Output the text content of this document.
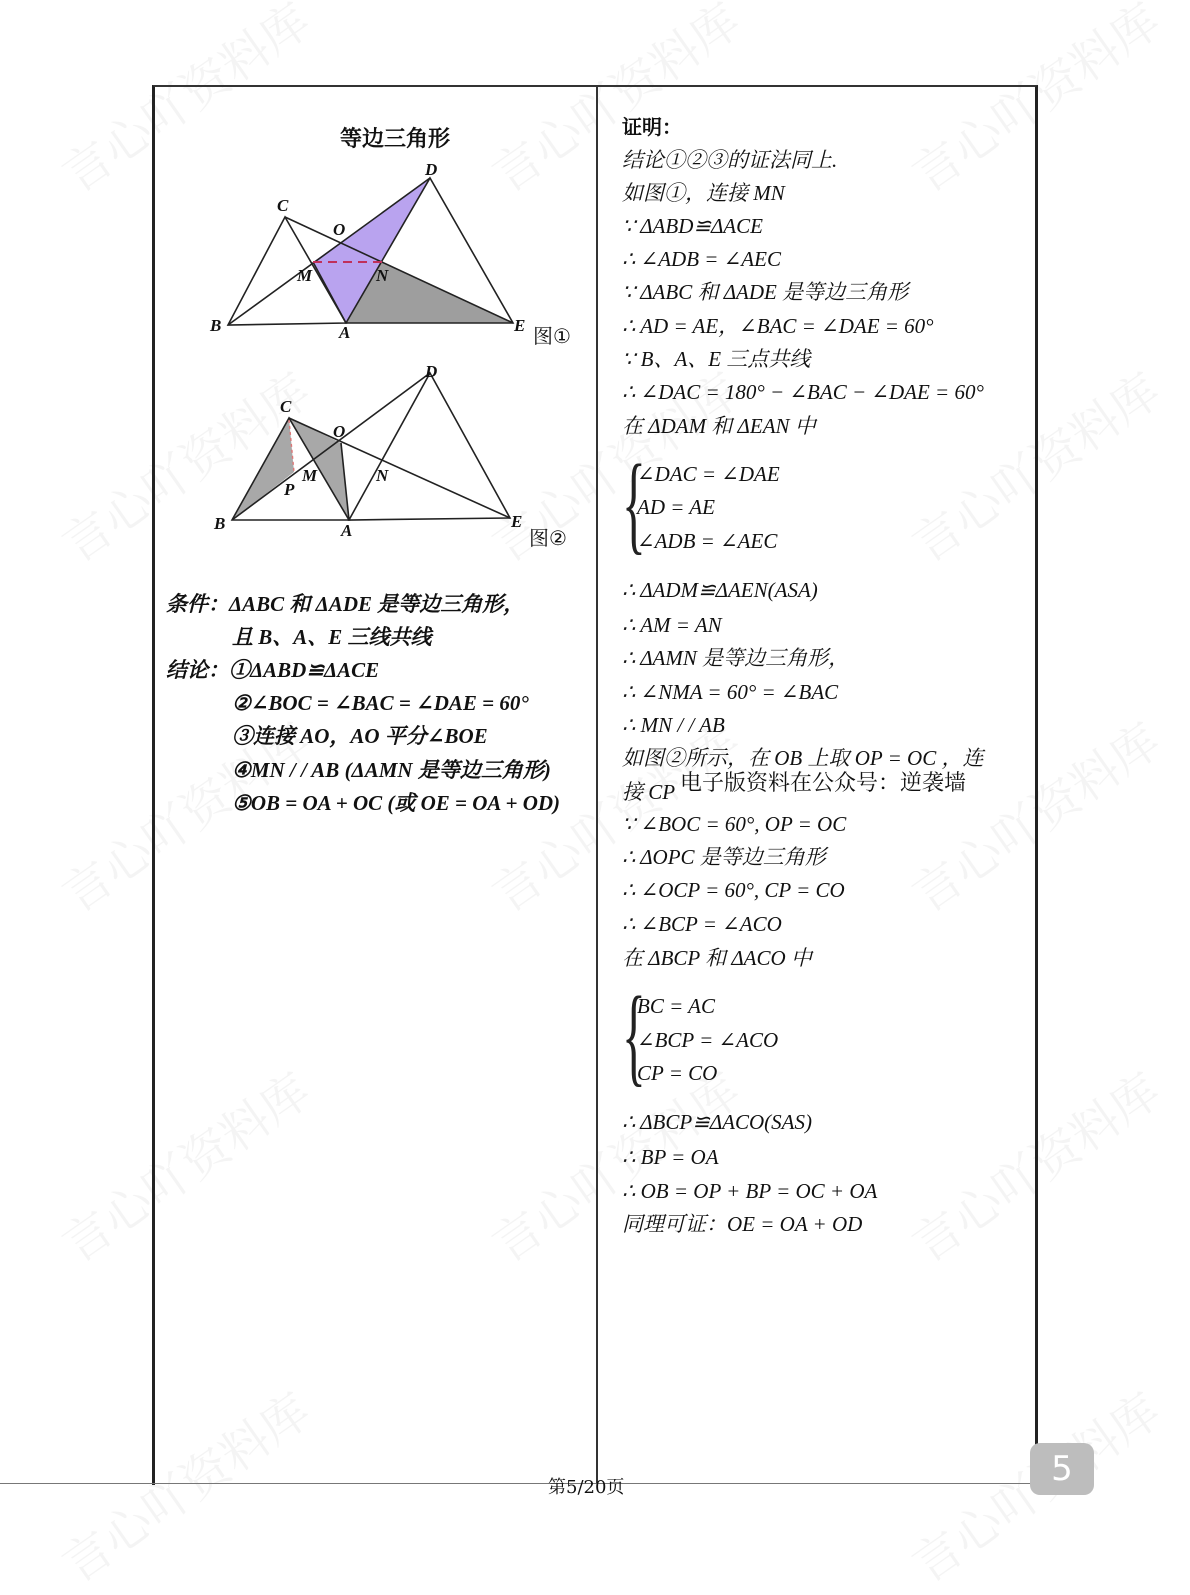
等边三角形
D
C
O
M	N
B	A	E 图①
D
C
O
M
P
N
B	A	E
图②
条件：ΔABC 和 ΔADE 是等边三角形，
且 B、A、E 三线共线
结论：①ΔABD≌ΔACE
②∠BOC = ∠BAC = ∠DAE = 60°
③连接 AO，AO 平分∠BOE
④MN / / AB (ΔAMN 是等边三角形)
⑤OB = OA + OC (或 OE = OA + OD)
证明：
结论①②③的证法同上.
如图①，连接 MN
∵ ΔABD≌ΔACE
∴ ∠ADB = ∠AEC
∵ ΔABC 和 ΔADE 是等边三角形
∴ AD = AE，∠BAC = ∠DAE = 60°
∵ B、A、E 三点共线
∴ ∠DAC = 180° − ∠BAC − ∠DAE = 60°
在 ΔDAM 和 ΔEAN 中
{
∠DAC = ∠DAE
AD = AE
∠ADB = ∠AEC
∴ ΔADM≌ΔAEN(ASA)
∴ AM = AN
∴ ΔAMN 是等边三角形，
∴ ∠NMA = 60° = ∠BAC
∴ MN / / AB
如图②所示，在 OB 上取 OP = OC ，连
接 CP 电子版资料在公众号：逆袭墙
∵ ∠BOC = 60°, OP = OC
∴ ΔOPC 是等边三角形
∴ ∠OCP = 60°, CP = CO
∴ ∠BCP = ∠ACO
在 ΔBCP 和 ΔACO 中
{
BC = AC
∠BCP = ∠ACO
CP = CO
∴ ΔBCP≌ΔACO(SAS)
∴ BP = OA
∴ OB = OP + BP = OC + OA
同理可证：OE = OA + OD
第5/20页	5
